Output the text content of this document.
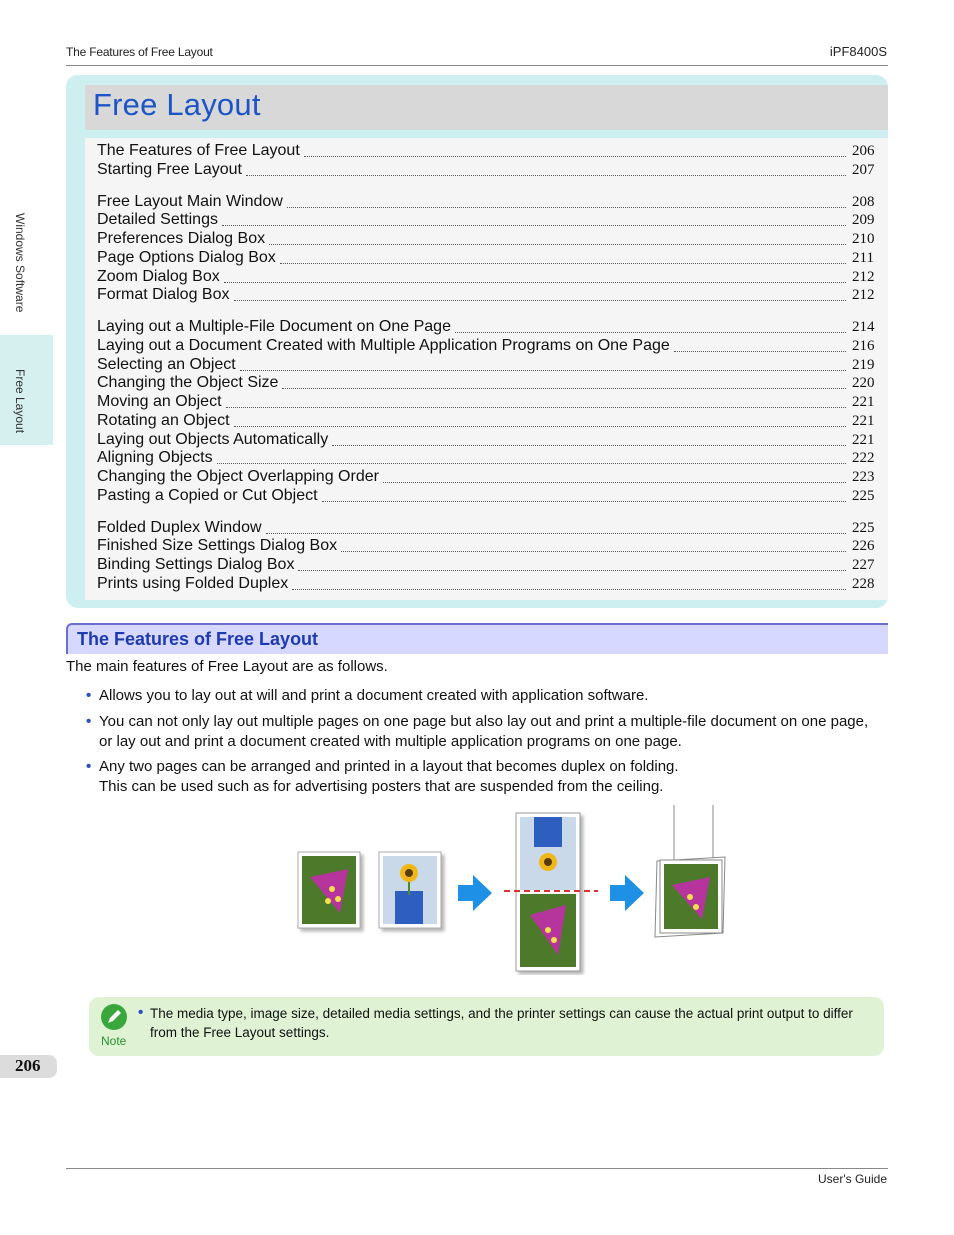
The Features of Free Layout	iPF8400S
Windows Software
Free Layout
Free Layout
The Features of Free Layout	206
Starting Free Layout	207
Free Layout Main Window	208
Detailed Settings	209
Preferences Dialog Box	210
Page Options Dialog Box	211
Zoom Dialog Box	212
Format Dialog Box	212
Laying out a Multiple-File Document on One Page	214
Laying out a Document Created with Multiple Application Programs on One Page	216
Selecting an Object	219
Changing the Object Size	220
Moving an Object	221
Rotating an Object	221
Laying out Objects Automatically	221
Aligning Objects	222
Changing the Object Overlapping Order	223
Pasting a Copied or Cut Object	225
Folded Duplex Window	225
Finished Size Settings Dialog Box	226
Binding Settings Dialog Box	227
Prints using Folded Duplex	228
The Features of Free Layout
The main features of Free Layout are as follows.
• Allows you to lay out at will and print a document created with application software.
• You can not only lay out multiple pages on one page but also lay out and print a multiple-file document on one page, or lay out and print a document created with multiple application programs on one page.
• Any two pages can be arranged and printed in a layout that becomes duplex on folding.
This can be used such as for advertising posters that are suspended from the ceiling.
Note
• The media type, image size, detailed media settings, and the printer settings can cause the actual print output to differ from the Free Layout settings.
206
User's Guide
